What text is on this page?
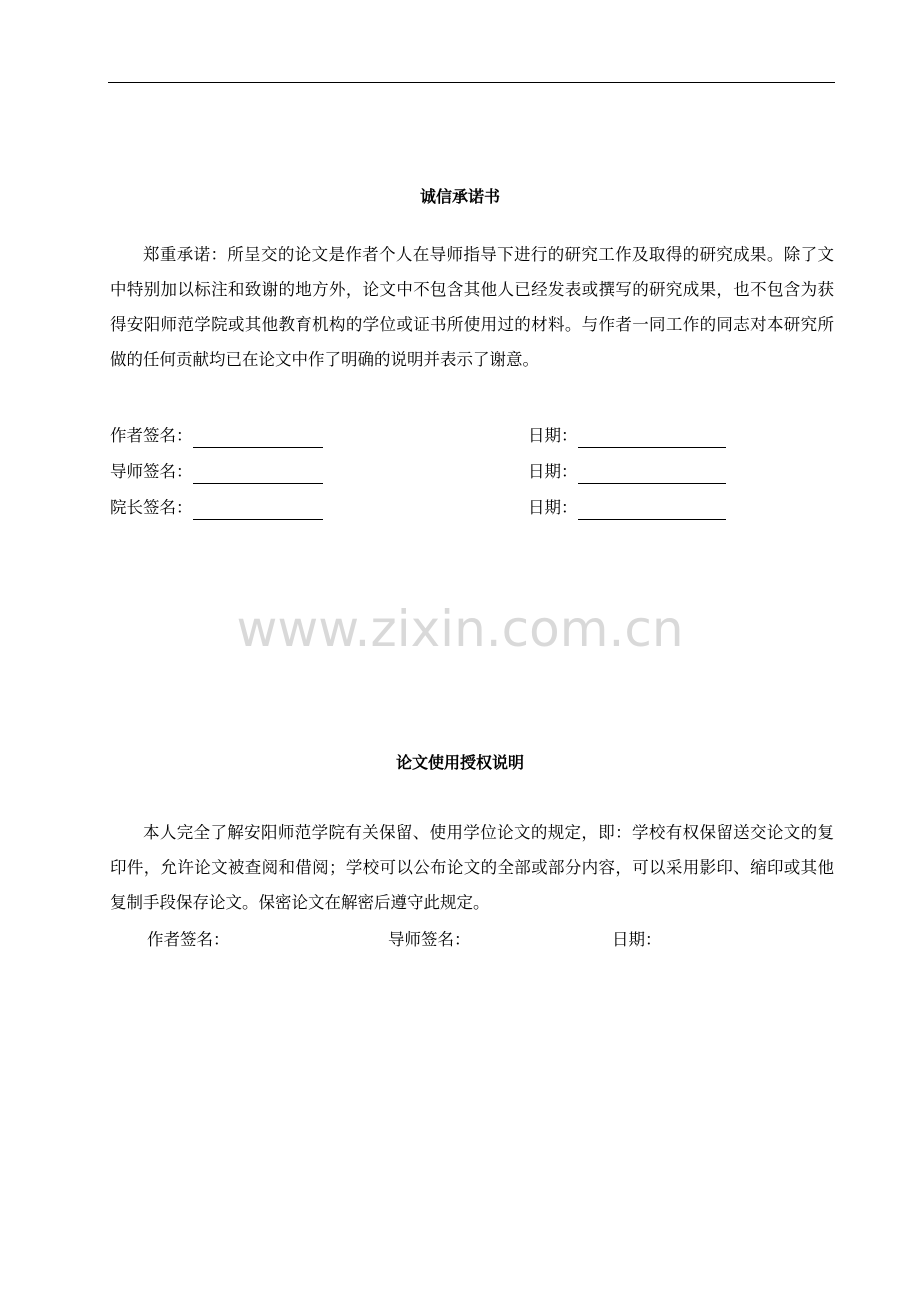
诚信承诺书

郑重承诺：所呈交的论文是作者个人在导师指导下进行的研究工作及取得的研究成果。除了文中特别加以标注和致谢的地方外，论文中不包含其他人已经发表或撰写的研究成果，也不包含为获得安阳师范学院或其他教育机构的学位或证书所使用过的材料。与作者一同工作的同志对本研究所做的任何贡献均已在论文中作了明确的说明并表示了谢意。

作者签名：	日期：
导师签名：	日期：
院长签名：	日期：
www.zixin.com.cn
论文使用授权说明

本人完全了解安阳师范学院有关保留、使用学位论文的规定，即：学校有权保留送交论文的复印件，允许论文被查阅和借阅；学校可以公布论文的全部或部分内容，可以采用影印、缩印或其他复制手段保存论文。保密论文在解密后遵守此规定。

作者签名：	导师签名：	日期：
